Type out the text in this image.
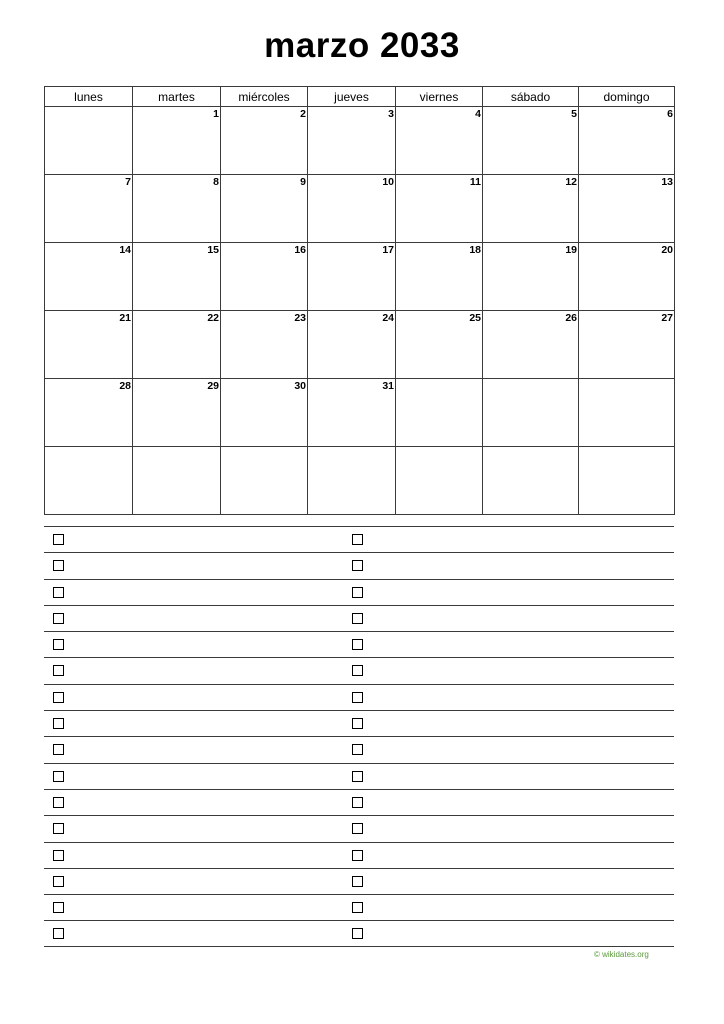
marzo 2033
lunes	martes	miércoles	jueves	viernes	sábado	domingo
	1	2	3	4	5	6
7	8	9	10	11	12	13
14	15	16	17	18	19	20
21	22	23	24	25	26	27
28	29	30	31			

© wikidates.org
